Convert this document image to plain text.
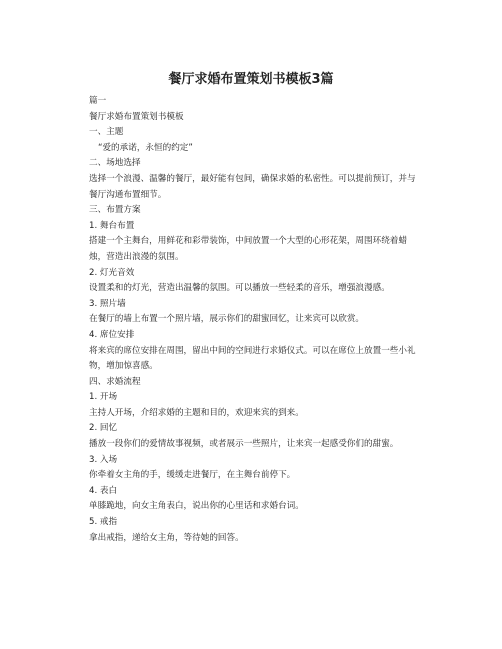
餐厅求婚布置策划书模板3篇
篇一
餐厅求婚布置策划书模板
一、主题
“爱的承诺，永恒的约定”
二、场地选择
选择一个浪漫、温馨的餐厅，最好能有包间，确保求婚的私密性。可以提前预订，并与餐厅沟通布置细节。
三、布置方案
1. 舞台布置
搭建一个主舞台，用鲜花和彩带装饰，中间放置一个大型的心形花架，周围环绕着蜡烛，营造出浪漫的氛围。
2. 灯光音效
设置柔和的灯光，营造出温馨的氛围。可以播放一些轻柔的音乐，增强浪漫感。
3. 照片墙
在餐厅的墙上布置一个照片墙，展示你们的甜蜜回忆，让来宾可以欣赏。
4. 席位安排
将来宾的席位安排在周围，留出中间的空间进行求婚仪式。可以在席位上放置一些小礼物，增加惊喜感。
四、求婚流程
1. 开场
主持人开场，介绍求婚的主题和目的，欢迎来宾的到来。
2. 回忆
播放一段你们的爱情故事视频，或者展示一些照片，让来宾一起感受你们的甜蜜。
3. 入场
你牵着女主角的手，缓缓走进餐厅，在主舞台前停下。
4. 表白
单膝跪地，向女主角表白，说出你的心里话和求婚台词。
5. 戒指
拿出戒指，递给女主角，等待她的回答。
